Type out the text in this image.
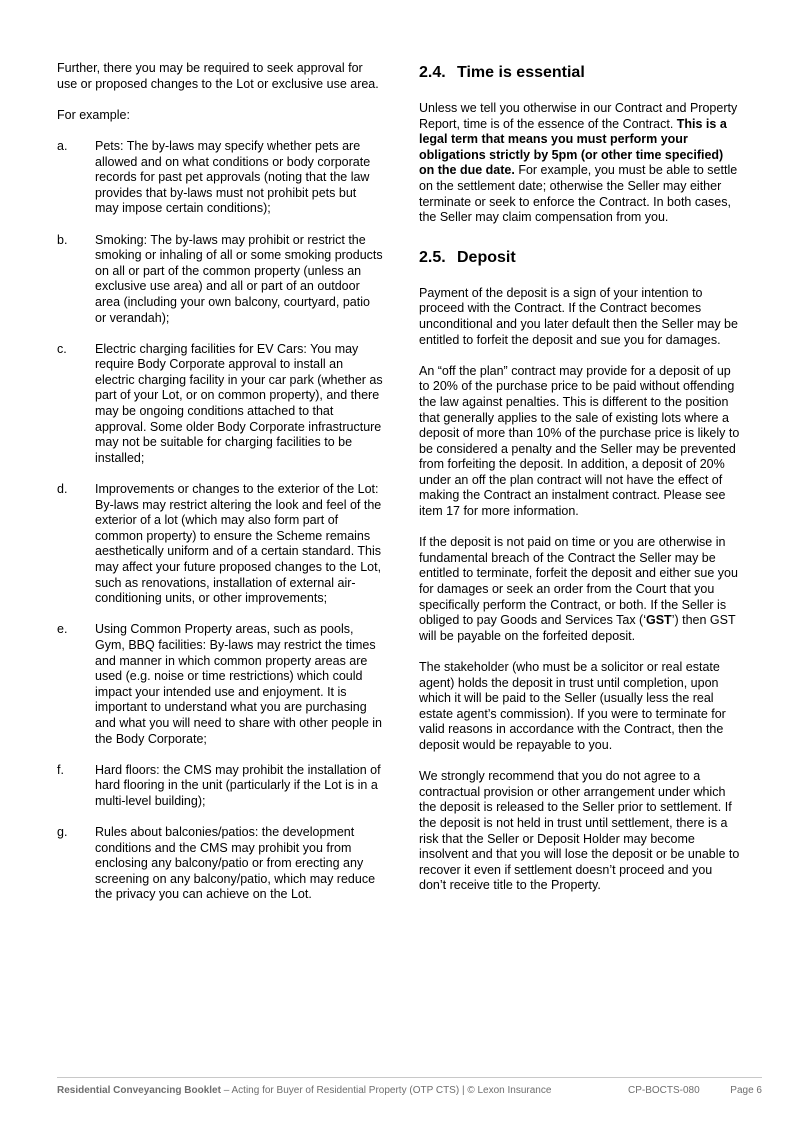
Further, there you may be required to seek approval for use or proposed changes to the Lot or exclusive use area.

For example:

a.	Pets: The by-laws may specify whether pets are allowed and on what conditions or body corporate records for past pet approvals (noting that the law provides that by-laws must not prohibit pets but may impose certain conditions);
b.	Smoking: The by-laws may prohibit or restrict the smoking or inhaling of all or some smoking products on all or part of the common property (unless an exclusive use area) and all or part of an outdoor area (including your own balcony, courtyard, patio or verandah);
c.	Electric charging facilities for EV Cars: You may require Body Corporate approval to install an electric charging facility in your car park (whether as part of your Lot, or on common property), and there may be ongoing conditions attached to that approval. Some older Body Corporate infrastructure may not be suitable for charging facilities to be installed;
d.	Improvements or changes to the exterior of the Lot: By-laws may restrict altering the look and feel of the exterior of a lot (which may also form part of common property) to ensure the Scheme remains aesthetically uniform and of a certain standard. This may affect your future proposed changes to the Lot, such as renovations, installation of external air-conditioning units, or other improvements;
e.	Using Common Property areas, such as pools, Gym, BBQ facilities: By-laws may restrict the times and manner in which common property areas are used (e.g. noise or time restrictions) which could impact your intended use and enjoyment. It is important to understand what you are purchasing and what you will need to share with other people in the Body Corporate;
f.	Hard floors: the CMS may prohibit the installation of hard flooring in the unit (particularly if the Lot is in a multi-level building);
g.	Rules about balconies/patios: the development conditions and the CMS may prohibit you from enclosing any balcony/patio or from erecting any screening on any balcony/patio, which may reduce the privacy you can achieve on the Lot.
2.4. Time is essential

Unless we tell you otherwise in our Contract and Property Report, time is of the essence of the Contract. This is a legal term that means you must perform your obligations strictly by 5pm (or other time specified) on the due date. For example, you must be able to settle on the settlement date; otherwise the Seller may either terminate or seek to enforce the Contract. In both cases, the Seller may claim compensation from you.

2.5. Deposit

Payment of the deposit is a sign of your intention to proceed with the Contract. If the Contract becomes unconditional and you later default then the Seller may be entitled to forfeit the deposit and sue you for damages.

An “off the plan” contract may provide for a deposit of up to 20% of the purchase price to be paid without offending the law against penalties. This is different to the position that generally applies to the sale of existing lots where a deposit of more than 10% of the purchase price is likely to be considered a penalty and the Seller may be prevented from forfeiting the deposit. In addition, a deposit of 20% under an off the plan contract will not have the effect of making the Contract an instalment contract. Please see item 17 for more information.

If the deposit is not paid on time or you are otherwise in fundamental breach of the Contract the Seller may be entitled to terminate, forfeit the deposit and either sue you for damages or seek an order from the Court that you specifically perform the Contract, or both. If the Seller is obliged to pay Goods and Services Tax (‘GST’) then GST will be payable on the forfeited deposit.

The stakeholder (who must be a solicitor or real estate agent) holds the deposit in trust until completion, upon which it will be paid to the Seller (usually less the real estate agent’s commission). If you were to terminate for valid reasons in accordance with the Contract, then the deposit would be repayable to you.

We strongly recommend that you do not agree to a contractual provision or other arrangement under which the deposit is released to the Seller prior to settlement. If the deposit is not held in trust until settlement, there is a risk that the Seller or Deposit Holder may become insolvent and that you will lose the deposit or be unable to recover it even if settlement doesn’t proceed and you don’t receive title to the Property.

Residential Conveyancing Booklet – Acting for Buyer of Residential Property (OTP CTS) | © Lexon Insurance	CP-BOCTS-080	Page 6
